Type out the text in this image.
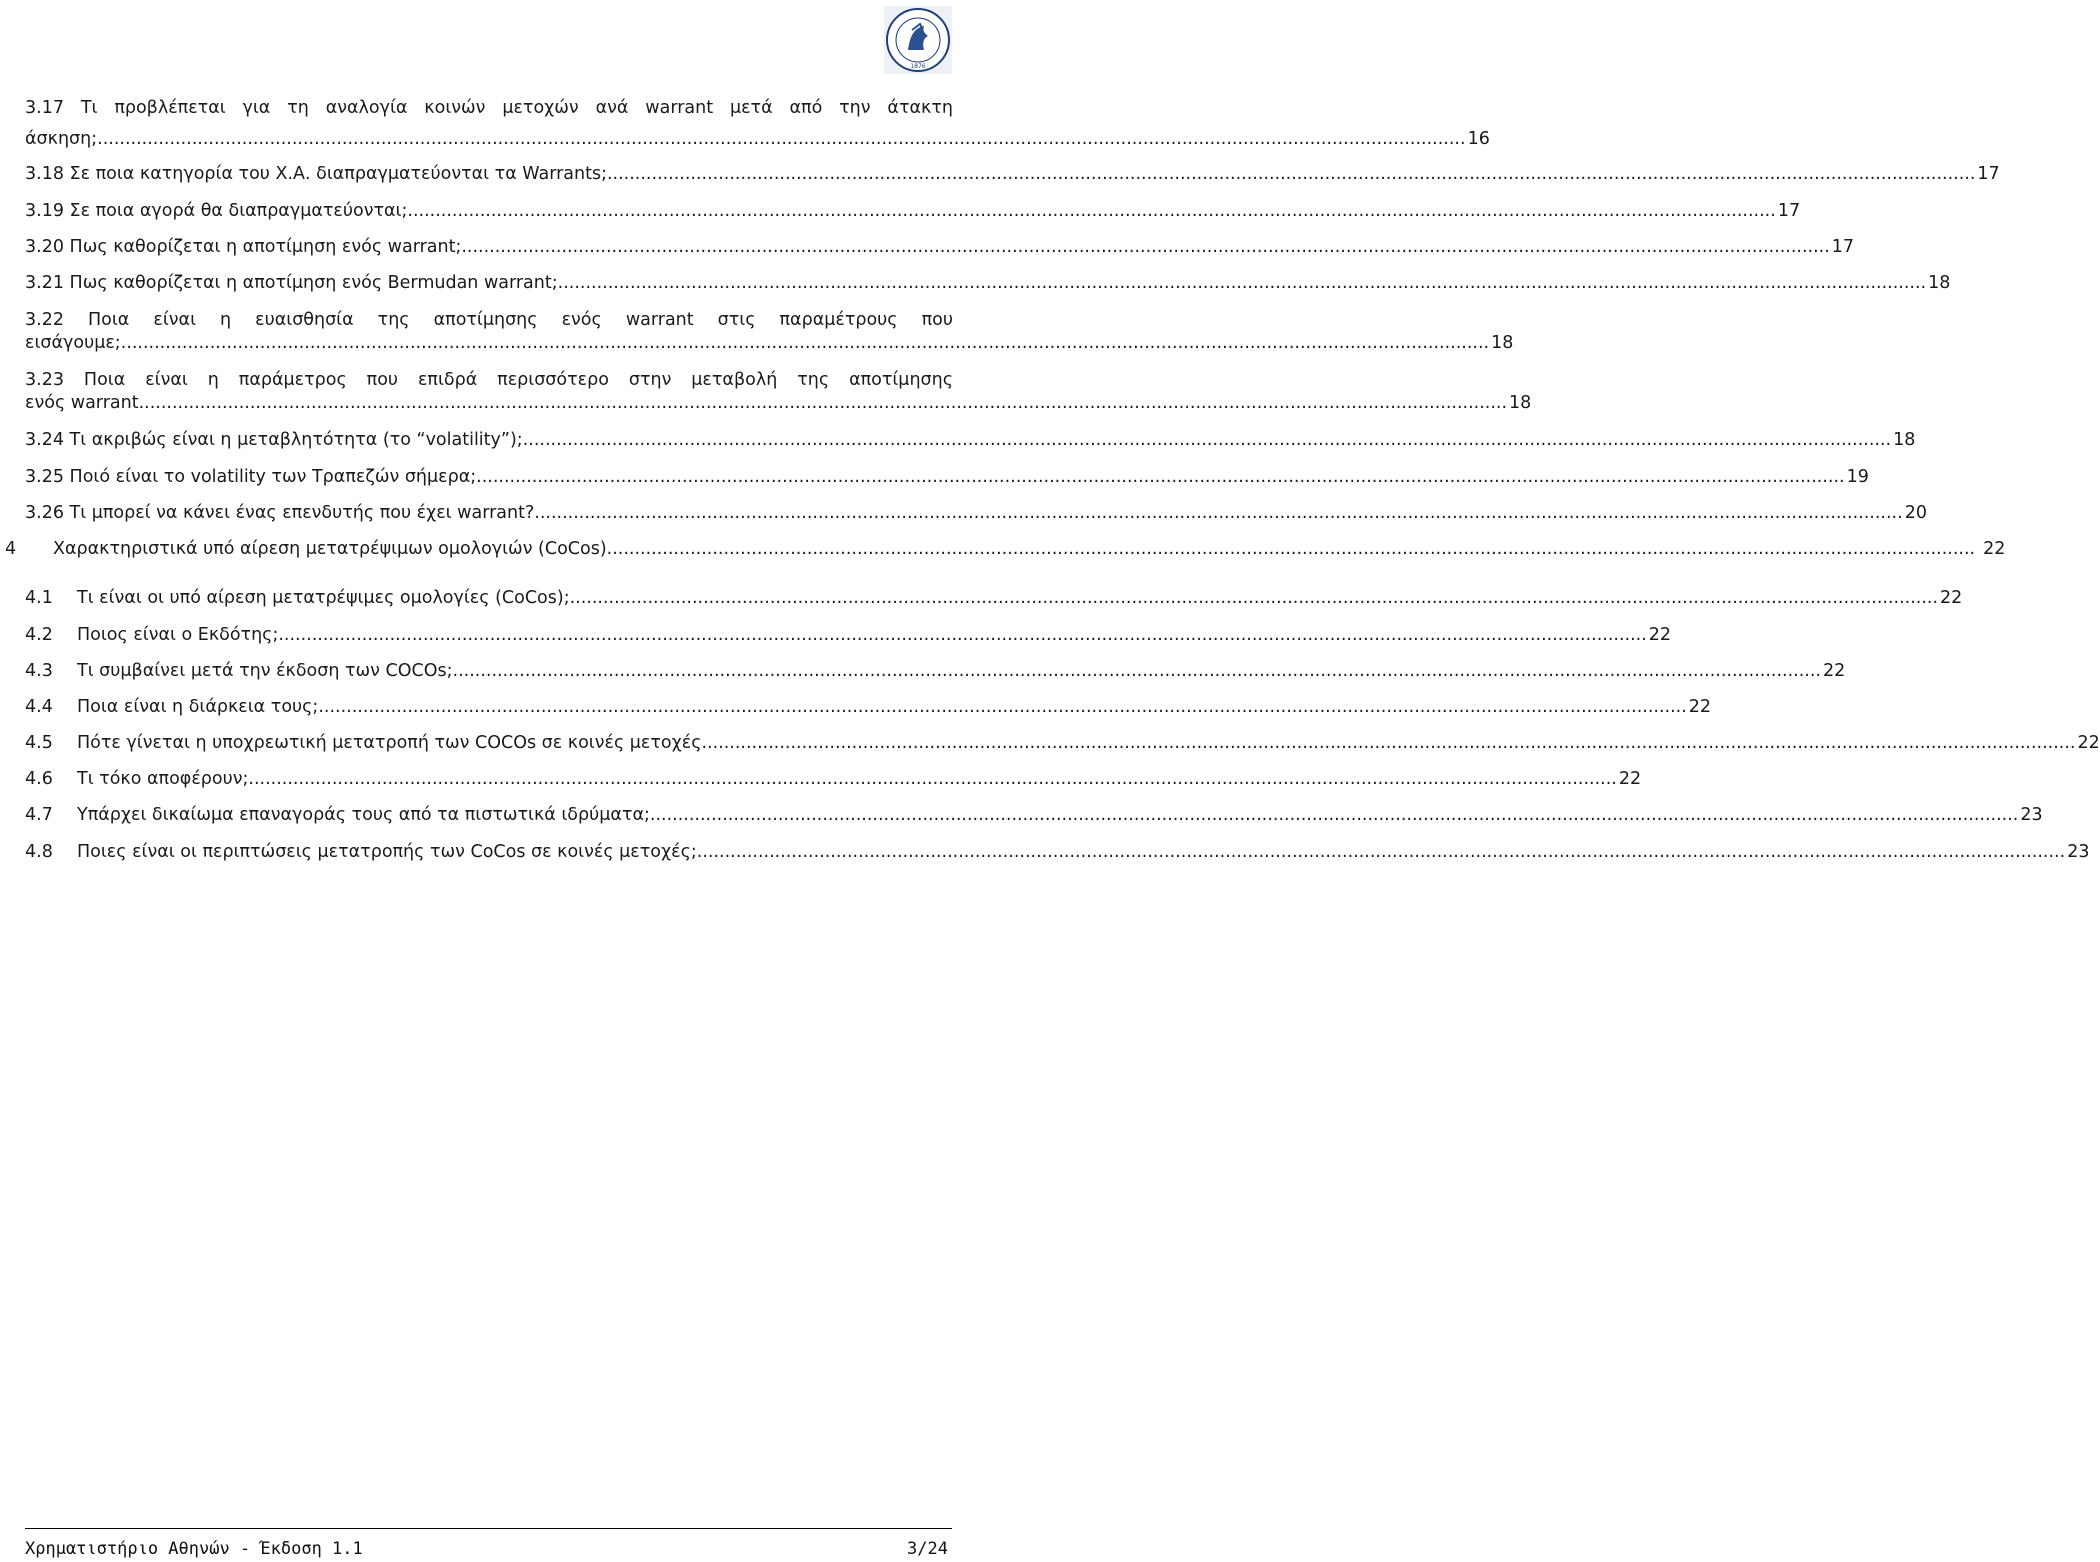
1876
3.17 Τι προβλέπεται για τη αναλογία κοινών μετοχών ανά warrant μετά από την άτακτη
άσκηση; .....	16
3.18 Σε ποια κατηγορία του Χ.Α. διαπραγματεύονται τα Warrants; .....	17
3.19 Σε ποια αγορά θα διαπραγματεύονται; .....	17
3.20 Πως καθορίζεται η αποτίμηση ενός warrant; .....	17
3.21 Πως καθορίζεται η αποτίμηση ενός Bermudan warrant; .....	18
3.22 Ποια είναι η ευαισθησία της αποτίμησης ενός warrant στις παραμέτρους που
εισάγουμε; .....	18
3.23 Ποια είναι η παράμετρος που επιδρά περισσότερο στην μεταβολή της αποτίμησης
ενός warrant .....	18
3.24 Τι ακριβώς είναι η μεταβλητότητα (το “volatility”); .....	18
3.25 Ποιό είναι το volatility των Τραπεζών σήμερα; .....	19
3.26 Τι μπορεί να κάνει ένας επενδυτής που έχει warrant? .....	20
4 Χαρακτηριστικά υπό αίρεση μετατρέψιμων ομολογιών (CoCos) .....	22
4.1 Τι είναι οι υπό αίρεση μετατρέψιμες ομολογίες (CoCos); .....	22
4.2 Ποιος είναι ο Εκδότης; .....	22
4.3 Τι συμβαίνει μετά την έκδοση των COCOs; .....	22
4.4 Ποια είναι η διάρκεια τους; .....	22
4.5 Πότε γίνεται η υποχρεωτική μετατροπή των COCOs σε κοινές μετοχές. .....	22
4.6 Τι τόκο αποφέρουν; .....	22
4.7 Υπάρχει δικαίωμα επαναγοράς τους από τα πιστωτικά ιδρύματα; .....	23
4.8 Ποιες είναι οι περιπτώσεις μετατροπής των CoCos σε κοινές μετοχές; .....	23
Χρηματιστήριο Αθηνών - Έκδοση 1.1	3/24
